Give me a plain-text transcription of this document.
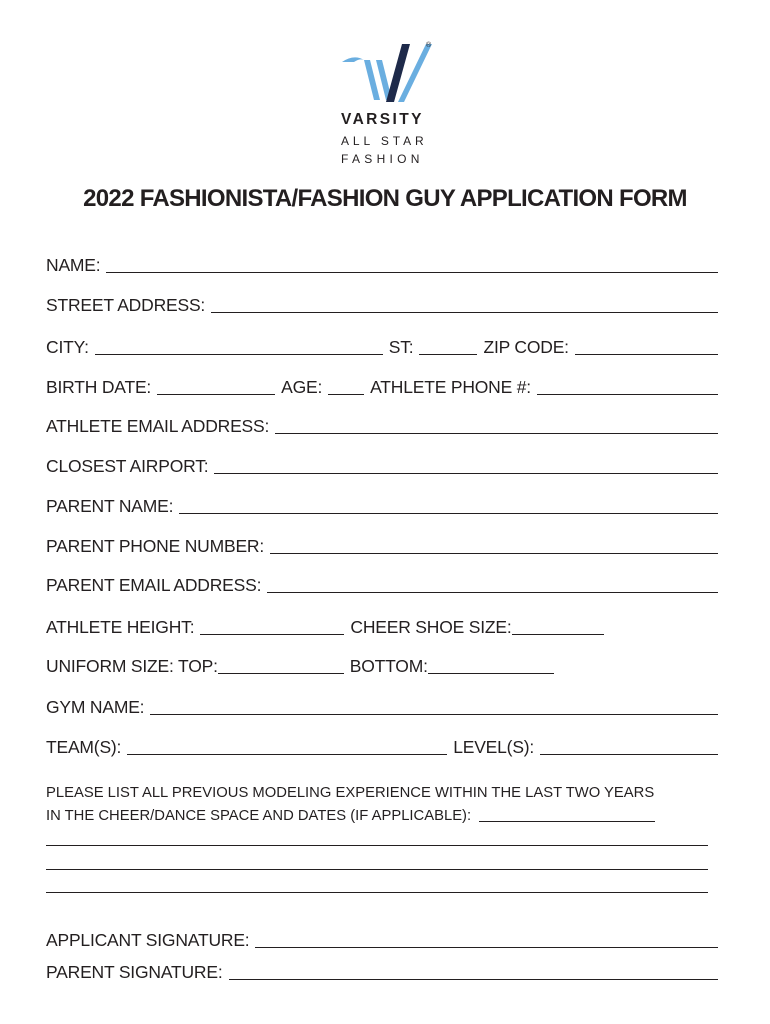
®
VARSITY
ALL STAR
FASHION
2022 FASHIONISTA/FASHION GUY APPLICATION FORM
NAME:
STREET ADDRESS:
CITY:	ST:	ZIP CODE:
BIRTH DATE:	AGE:	ATHLETE PHONE #:
ATHLETE EMAIL ADDRESS:
CLOSEST AIRPORT:
PARENT NAME:
PARENT PHONE NUMBER:
PARENT EMAIL ADDRESS:
ATHLETE HEIGHT:	CHEER SHOE SIZE:
UNIFORM SIZE: TOP:	BOTTOM:
GYM NAME:
TEAM(S):	LEVEL(S):
PLEASE LIST ALL PREVIOUS MODELING EXPERIENCE WITHIN THE LAST TWO YEARS
IN THE CHEER/DANCE SPACE AND DATES (IF APPLICABLE):
APPLICANT SIGNATURE:
PARENT SIGNATURE:
